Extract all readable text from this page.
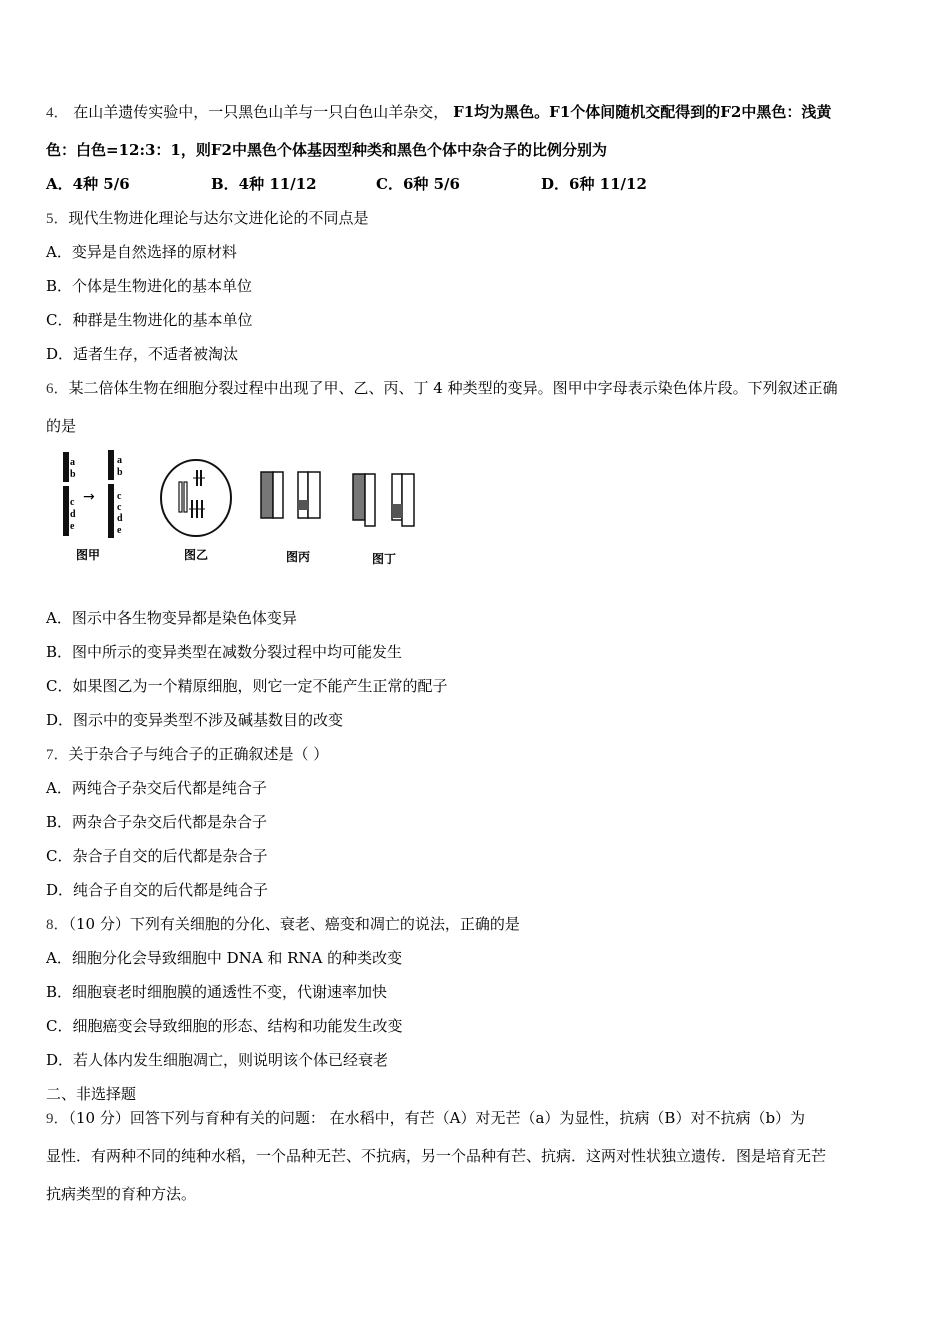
4． 在山羊遗传实验中，一只黑色山羊与一只白色山羊杂交， F1均为黑色。F1个体间随机交配得到的F2中黑色：浅黄
色：白色=12:3：1，则F2中黑色个体基因型种类和黑色个体中杂合子的比例分别为
A．4种 5/6	B．4种 11/12	C．6种 5/6	D．6种 11/12
5．现代生物进化理论与达尔文进化论的不同点是
A．变异是自然选择的原材料
B．个体是生物进化的基本单位
C．种群是生物进化的基本单位
D．适者生存，不适者被淘汰
6．某二倍体生物在细胞分裂过程中出现了甲、乙、丙、丁 4 种类型的变异。图甲中字母表示染色体片段。下列叙述正确
的是
→
a
b
c
d
e
a
b
c
c
d
e
图甲	图乙	图丙	图丁
A．图示中各生物变异都是染色体变异
B．图中所示的变异类型在减数分裂过程中均可能发生
C．如果图乙为一个精原细胞，则它一定不能产生正常的配子
D．图示中的变异类型不涉及碱基数目的改变
7．关于杂合子与纯合子的正确叙述是（ ）
A．两纯合子杂交后代都是纯合子
B．两杂合子杂交后代都是杂合子
C．杂合子自交的后代都是杂合子
D．纯合子自交的后代都是纯合子
8．（10 分）下列有关细胞的分化、衰老、癌变和凋亡的说法，正确的是
A．细胞分化会导致细胞中 DNA 和 RNA 的种类改变
B．细胞衰老时细胞膜的通透性不变，代谢速率加快
C．细胞癌变会导致细胞的形态、结构和功能发生改变
D．若人体内发生细胞凋亡，则说明该个体已经衰老
二、非选择题
9．（10 分）回答下列与育种有关的问题： 在水稻中，有芒（A）对无芒（a）为显性，抗病（B）对不抗病（b）为
显性．有两种不同的纯种水稻，一个品种无芒、不抗病，另一个品种有芒、抗病．这两对性状独立遗传．图是培育无芒
抗病类型的育种方法。
